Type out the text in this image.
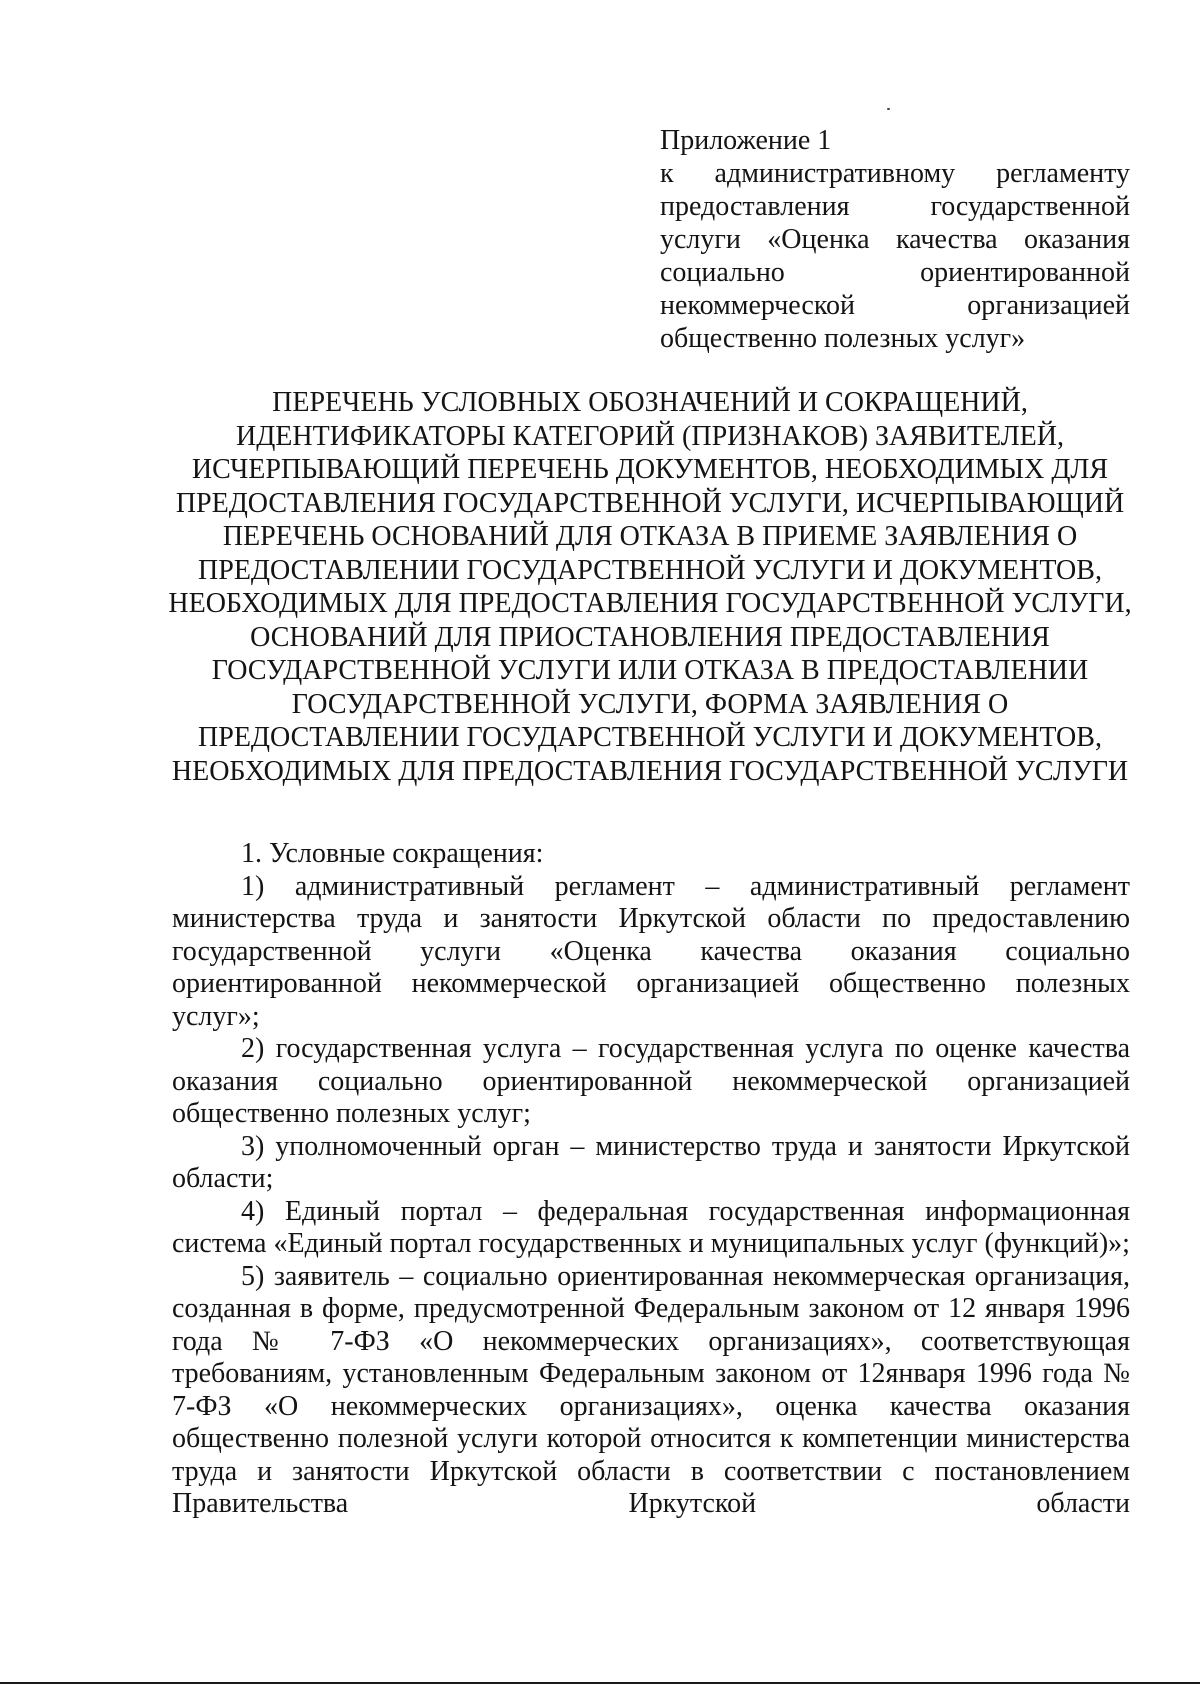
Приложение 1

к административному регламенту предоставления государственной услуги «Оценка качества оказания социально ориентированной некоммерческой организацией общественно полезных услуг»

ПЕРЕЧЕНЬ УСЛОВНЫХ ОБОЗНАЧЕНИЙ И СОКРАЩЕНИЙ, ИДЕНТИФИКАТОРЫ КАТЕГОРИЙ (ПРИЗНАКОВ) ЗАЯВИТЕЛЕЙ, ИСЧЕРПЫВАЮЩИЙ ПЕРЕЧЕНЬ ДОКУМЕНТОВ, НЕОБХОДИМЫХ ДЛЯ ПРЕДОСТАВЛЕНИЯ ГОСУДАРСТВЕННОЙ УСЛУГИ, ИСЧЕРПЫВАЮЩИЙ ПЕРЕЧЕНЬ ОСНОВАНИЙ ДЛЯ ОТКАЗА В ПРИЕМЕ ЗАЯВЛЕНИЯ О ПРЕДОСТАВЛЕНИИ ГОСУДАРСТВЕННОЙ УСЛУГИ И ДОКУМЕНТОВ, НЕОБХОДИМЫХ ДЛЯ ПРЕДОСТАВЛЕНИЯ ГОСУДАРСТВЕННОЙ УСЛУГИ, ОСНОВАНИЙ ДЛЯ ПРИОСТАНОВЛЕНИЯ ПРЕДОСТАВЛЕНИЯ ГОСУДАРСТВЕННОЙ УСЛУГИ ИЛИ ОТКАЗА В ПРЕДОСТАВЛЕНИИ ГОСУДАРСТВЕННОЙ УСЛУГИ, ФОРМА ЗАЯВЛЕНИЯ О ПРЕДОСТАВЛЕНИИ ГОСУДАРСТВЕННОЙ УСЛУГИ И ДОКУМЕНТОВ, НЕОБХОДИМЫХ ДЛЯ ПРЕДОСТАВЛЕНИЯ ГОСУДАРСТВЕННОЙ УСЛУГИ

1. Условные сокращения:

1) административный регламент – административный регламент министерства труда и занятости Иркутской области по предоставлению государственной услуги «Оценка качества оказания социально ориентированной некоммерческой организацией общественно полезных услуг»;

2) государственная услуга – государственная услуга по оценке качества оказания социально ориентированной некоммерческой организацией общественно полезных услуг;

3) уполномоченный орган – министерство труда и занятости Иркутской области;

4) Единый портал – федеральная государственная информационная система «Единый портал государственных и муниципальных услуг (функций)»;

5) заявитель – социально ориентированная некоммерческая организация, созданная в форме, предусмотренной Федеральным законом от 12 января 1996 года № 7-ФЗ «О некоммерческих организациях», соответствующая требованиям, установленным Федеральным законом от 12января 1996 года № 7-ФЗ «О некоммерческих организациях», оценка качества оказания общественно полезной услуги которой относится к компетенции министерства труда и занятости Иркутской области в соответствии с постановлением Правительства Иркутской области
